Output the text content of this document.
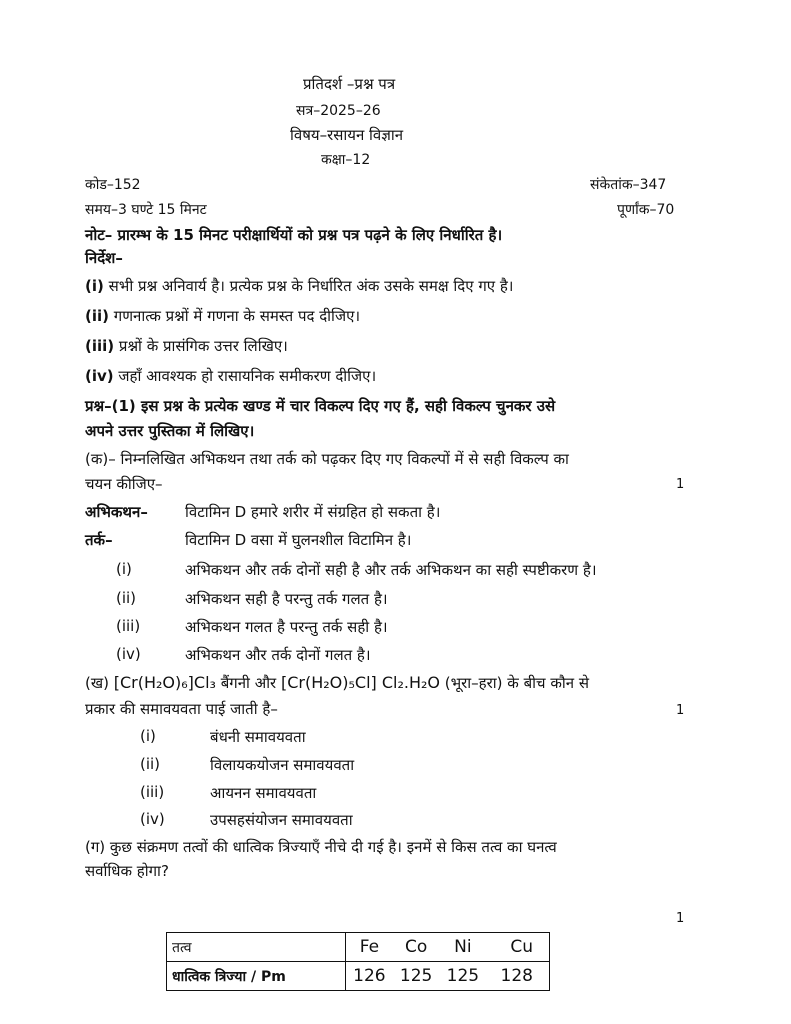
प्रतिदर्श –प्रश्न पत्र
सत्र–2025–26
विषय–रसायन विज्ञान
कक्षा–12
कोड–152	संकेतांक–347
समय–3 घण्टे 15 मिनट	पूर्णांक–70
नोट– प्रारम्भ के 15 मिनट परीक्षार्थियों को प्रश्न पत्र पढ़ने के लिए निर्धारित है।
निर्देश–
(i) सभी प्रश्न अनिवार्य है। प्रत्येक प्रश्न के निर्धारित अंक उसके समक्ष दिए गए है।
(ii) गणनात्क प्रश्नों में गणना के समस्त पद दीजिए।
(iii) प्रश्नों के प्रासंगिक उत्तर लिखिए।
(iv) जहॉं आवश्यक हो रासायनिक समीकरण दीजिए।
प्रश्न–(1) इस प्रश्न के प्रत्येक खण्ड में चार विकल्प दिए गए हैं, सही विकल्प चुनकर उसे
अपने उत्तर पुस्तिका में लिखिए।
(क)– निम्नलिखित अभिकथन तथा तर्क को पढ़कर दिए गए विकल्पों में से सही विकल्प का
चयन कीजिए–	1
अभिकथन– विटामिन D हमारे शरीर में संग्रहित हो सकता है।
तर्क–	विटामिन D वसा में घुलनशील विटामिन है।
(i)	अभिकथन और तर्क दोनों सही है और तर्क अभिकथन का सही स्पष्टीकरण है।
(ii)	अभिकथन सही है परन्तु तर्क गलत है।
(iii)	अभिकथन गलत है परन्तु तर्क सही है।
(iv)	अभिकथन और तर्क दोनों गलत है।
(ख) [Cr(H₂O)₆]Cl₃ बैंगनी और [Cr(H₂O)₅Cl] Cl₂.H₂O (भूरा–हरा) के बीच कौन से
प्रकार की समावयवता पाई जाती है–	1
(i)	बंधनी समावयवता
(ii)	विलायकयोजन समावयवता
(iii)	आयनन समावयवता
(iv)	उपसहसंयोजन समावयवता
(ग) कुछ संक्रमण तत्वों की धात्विक त्रिज्याऍं नीचे दी गई है। इनमें से किस तत्व का घनत्व
सर्वाधिक होगा?
1
तत्व	Fe Co Ni Cu

धात्विक त्रिज्या / Pm	126 125 125 128
